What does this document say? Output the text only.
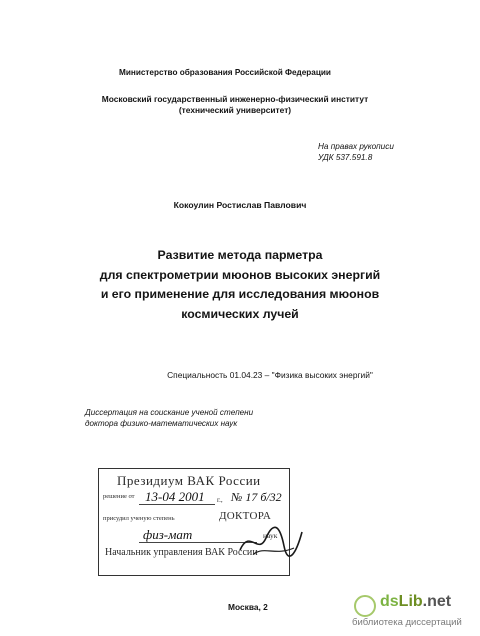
Министерство образования Российской Федерации
Московский государственный инженерно-физический институт
(технический университет)
На правах рукописи
УДК 537.591.8
Кокоулин Ростислав Павлович
Развитие метода парметра
для спектрометрии мюонов высоких энергий
и его применение для исследования мюонов
космических лучей
Специальность 01.04.23 – "Физика высоких энергий"
Диссертация на соискание ученой степени
доктора физико-математических наук
Президиум ВАК России
решение от 13-04 2001 г., № 17 б/32
присудил ученую степень	ДОКТОРА
физ-мат	наук
Начальник управления ВАК России
Москва, 2	dsLib.net
библиотека диссертаций
